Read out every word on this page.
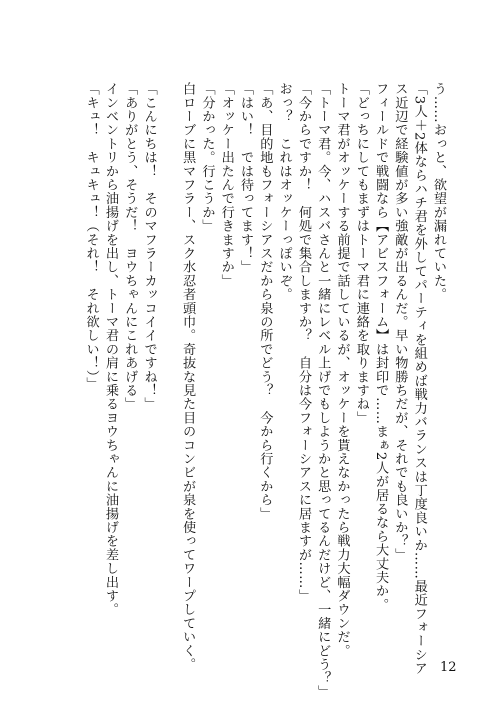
う……おっと、欲望が漏れていた。
「3人＋2体ならハチ君を外してパーティを組めば戦力バランスは丁度良いか……最近フォーシア
ス近辺で経験値が多い強敵が出るんだ。早い物勝ちだが、それでも良いか？」
フィールドで戦闘なら【アビスフォーム】は封印で……まぁ2人が居るなら大丈夫か。
「どっちにしてもまずはトーマ君に連絡を取りますね」
トーマ君がオッケーする前提で話しているが、オッケーを貰えなかったら戦力大幅ダウンだ。
「トーマ君。今、ハスバさんと一緒にレベル上げでもしようかと思ってるんだけど、一緒にどう？」
「今からですか！　何処で集合しますか？　自分は今フォーシアスに居ますが……」
おっ？　これはオッケーっぽいぞ。
「あ、目的地もフォーシアスだから泉の所でどう？　今から行くから」
「はい！　では待ってます！」
「オッケー出たんで行きますか」
「分かった。行こうか」
白ローブに黒マフラー、スク水忍者頭巾。奇抜な見た目のコンビが泉を使ってワープしていく。
「こんにちは！　そのマフラーカッコイイですね！」
「ありがとう、そうだ！　ヨウちゃんにこれあげる」
インベントリから油揚げを出し、トーマ君の肩に乗るヨウちゃんに油揚げを差し出す。
「キュ！　キュキュ！（それ！　それ欲しい！）」
12
